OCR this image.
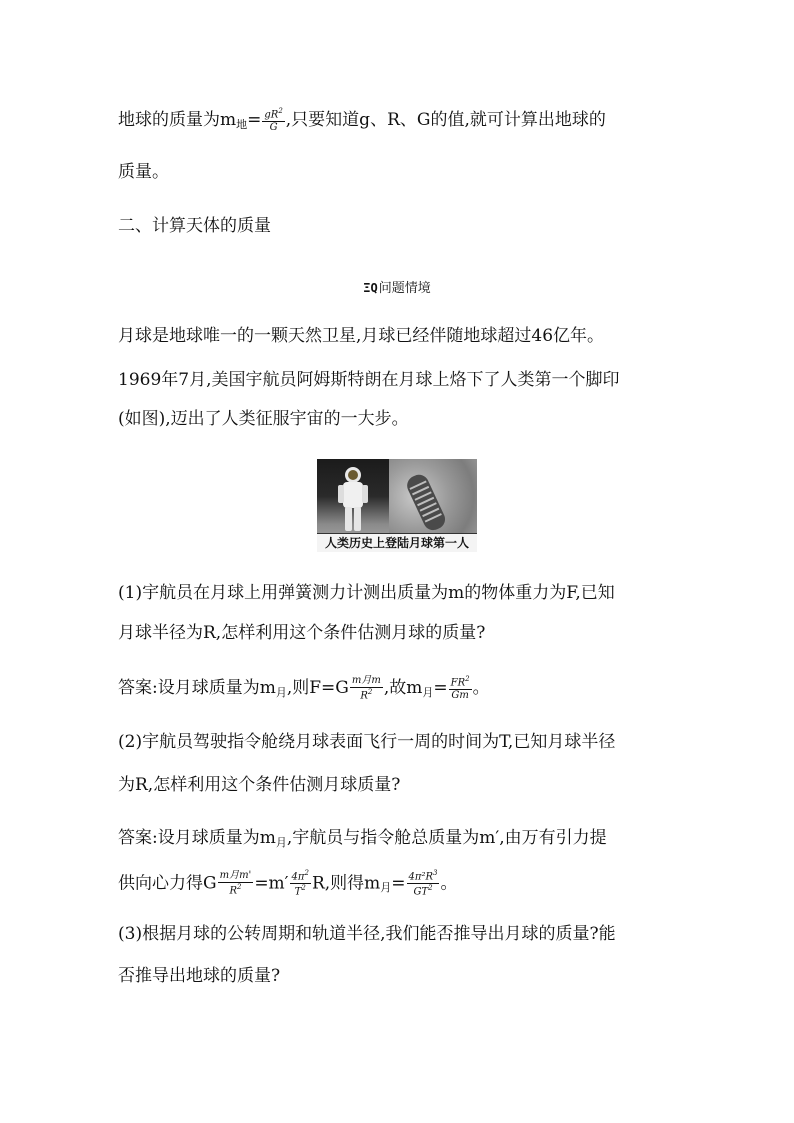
地球的质量为m地= $\frac{gR^2}{G}$ ,只要知道g、R、G的值,就可计算出地球的
质量。
二、计算天体的质量
ΞQ问题情境
月球是地球唯一的一颗天然卫星,月球已经伴随地球超过46亿年。
1969年7月,美国宇航员阿姆斯特朗在月球上烙下了人类第一个脚印
(如图),迈出了人类征服宇宙的一大步。
人类历史上登陆月球第一人
(1)宇航员在月球上用弹簧测力计测出质量为m的物体重力为F,已知
月球半径为R,怎样利用这个条件估测月球的质量?
答案:设月球质量为m月,则$F=G \frac{\text{m月m}}{R^2}$ ,故m月= $\frac{FR^2}{Gm}$ 。
(2)宇航员驾驶指令舱绕月球表面飞行一周的时间为T,已知月球半径
为R,怎样利用这个条件估测月球质量?
答案:设月球质量为m月,宇航员与指令舱总质量为m′,由万有引力提
供向心力得G $\frac{\text{m月m'}}{R^2} =m' \frac{4\pi^2}{T^2} R$,则得m月= $\frac{4\pi^2R^3}{GT^2}$ 。
(3)根据月球的公转周期和轨道半径,我们能否推导出月球的质量?能
否推导出地球的质量?
